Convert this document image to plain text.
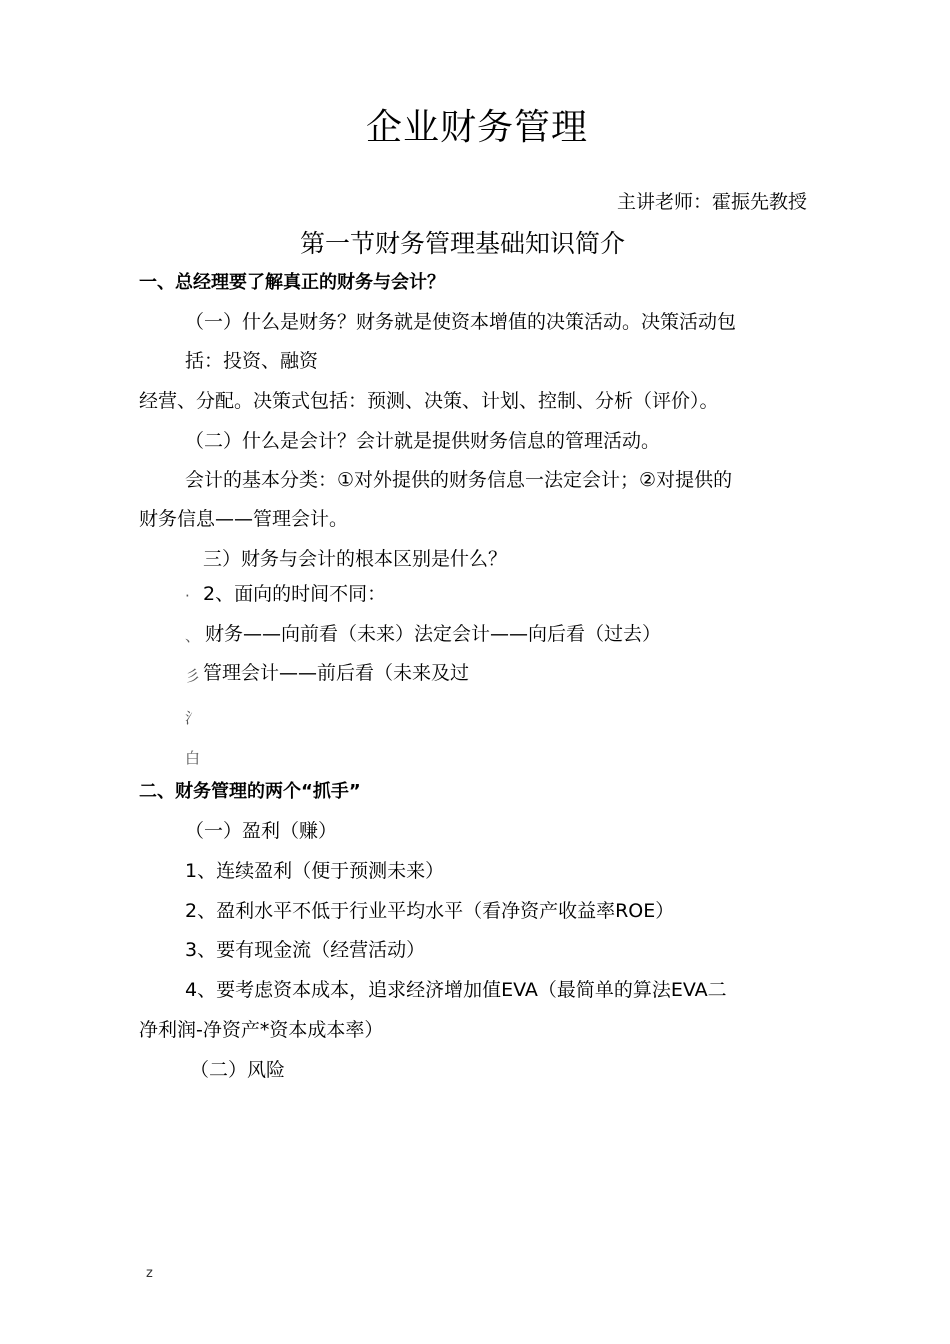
企业财务管理
主讲老师：霍振先教授
第一节财务管理基础知识简介
一、总经理要了解真正的财务与会计？
（一）什么是财务？财务就是使资本增值的决策活动。决策活动包
括：投资、融资
经营、分配。决策式包括：预测、决策、计划、控制、分析（评价）。
（二）什么是会计？会计就是提供财务信息的管理活动。
会计的基本分类：①对外提供的财务信息一法定会计；②对提供的
财务信息——管理会计。
三）财务与会计的根本区别是什么？
· 2、面向的时间不同：
、 财务——向前看（未来）法定会计——向后看（过去）
彡 管理会计——前后看（未来及过
氵
白
二、财务管理的两个“抓手”
（一）盈利（赚）
1、连续盈利（便于预测未来）
2、盈利水平不低于行业平均水平（看净资产收益率ROE）
3、要有现金流（经营活动）
4、要考虑资本成本，追求经济增加值EVA（最简单的算法EVA二
净利润-净资产*资本成本率）
（二）风险
z
